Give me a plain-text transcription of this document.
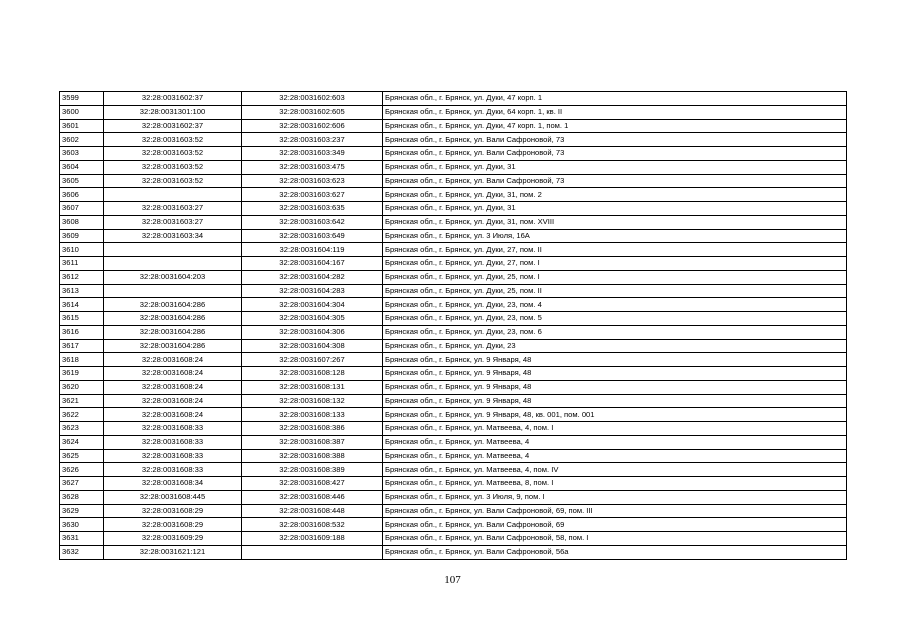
3599	32:28:0031602:37	32:28:0031602:603	Брянская обл., г. Брянск, ул. Дуки, 47 корп. 1
3600	32:28:0031301:100	32:28:0031602:605	Брянская обл., г. Брянск, ул. Дуки, 64 корп. 1, кв. II
3601	32:28:0031602:37	32:28:0031602:606	Брянская обл., г. Брянск, ул. Дуки, 47 корп. 1, пом. 1
3602	32:28:0031603:52	32:28:0031603:237	Брянская обл., г. Брянск, ул. Вали Сафроновой, 73
3603	32:28:0031603:52	32:28:0031603:349	Брянская обл., г. Брянск, ул. Вали Сафроновой, 73
3604	32:28:0031603:52	32:28:0031603:475	Брянская обл., г. Брянск, ул. Дуки, 31
3605	32:28:0031603:52	32:28:0031603:623	Брянская обл., г. Брянск, ул. Вали Сафроновой, 73
3606		32:28:0031603:627	Брянская обл., г. Брянск, ул. Дуки, 31, пом. 2
3607	32:28:0031603:27	32:28:0031603:635	Брянская обл., г. Брянск, ул. Дуки, 31
3608	32:28:0031603:27	32:28:0031603:642	Брянская обл., г. Брянск, ул. Дуки, 31, пом. XVIII
3609	32:28:0031603:34	32:28:0031603:649	Брянская обл., г. Брянск, ул. 3 Июля, 16А
3610		32:28:0031604:119	Брянская обл., г. Брянск, ул. Дуки, 27, пом. II
3611		32:28:0031604:167	Брянская обл., г. Брянск, ул. Дуки, 27, пом. I
3612	32:28:0031604:203	32:28:0031604:282	Брянская обл., г. Брянск, ул. Дуки, 25, пом. I
3613		32:28:0031604:283	Брянская обл., г. Брянск, ул. Дуки, 25, пом. II
3614	32:28:0031604:286	32:28:0031604:304	Брянская обл., г. Брянск, ул. Дуки, 23, пом. 4
3615	32:28:0031604:286	32:28:0031604:305	Брянская обл., г. Брянск, ул. Дуки, 23, пом. 5
3616	32:28:0031604:286	32:28:0031604:306	Брянская обл., г. Брянск, ул. Дуки, 23, пом. 6
3617	32:28:0031604:286	32:28:0031604:308	Брянская обл., г. Брянск, ул. Дуки, 23
3618	32:28:0031608:24	32:28:0031607:267	Брянская обл., г. Брянск, ул. 9 Января, 48
3619	32:28:0031608:24	32:28:0031608:128	Брянская обл., г. Брянск, ул. 9 Января, 48
3620	32:28:0031608:24	32:28:0031608:131	Брянская обл., г. Брянск, ул. 9 Января, 48
3621	32:28:0031608:24	32:28:0031608:132	Брянская обл., г. Брянск, ул. 9 Января, 48
3622	32:28:0031608:24	32:28:0031608:133	Брянская обл., г. Брянск, ул. 9 Января, 48, кв. 001, пом. 001
3623	32:28:0031608:33	32:28:0031608:386	Брянская обл., г. Брянск, ул. Матвеева, 4, пом. I
3624	32:28:0031608:33	32:28:0031608:387	Брянская обл., г. Брянск, ул. Матвеева, 4
3625	32:28:0031608:33	32:28:0031608:388	Брянская обл., г. Брянск, ул. Матвеева, 4
3626	32:28:0031608:33	32:28:0031608:389	Брянская обл., г. Брянск, ул. Матвеева, 4, пом. IV
3627	32:28:0031608:34	32:28:0031608:427	Брянская обл., г. Брянск, ул. Матвеева, 8, пом. I
3628	32:28:0031608:445	32:28:0031608:446	Брянская обл., г. Брянск, ул. 3 Июля, 9, пом. I
3629	32:28:0031608:29	32:28:0031608:448	Брянская обл., г. Брянск, ул. Вали Сафроновой, 69, пом. III
3630	32:28:0031608:29	32:28:0031608:532	Брянская обл., г. Брянск, ул. Вали Сафроновой, 69
3631	32:28:0031609:29	32:28:0031609:188	Брянская обл., г. Брянск, ул. Вали Сафроновой, 58, пом. I
3632	32:28:0031621:121		Брянская обл., г. Брянск, ул. Вали Сафроновой, 56а
107
